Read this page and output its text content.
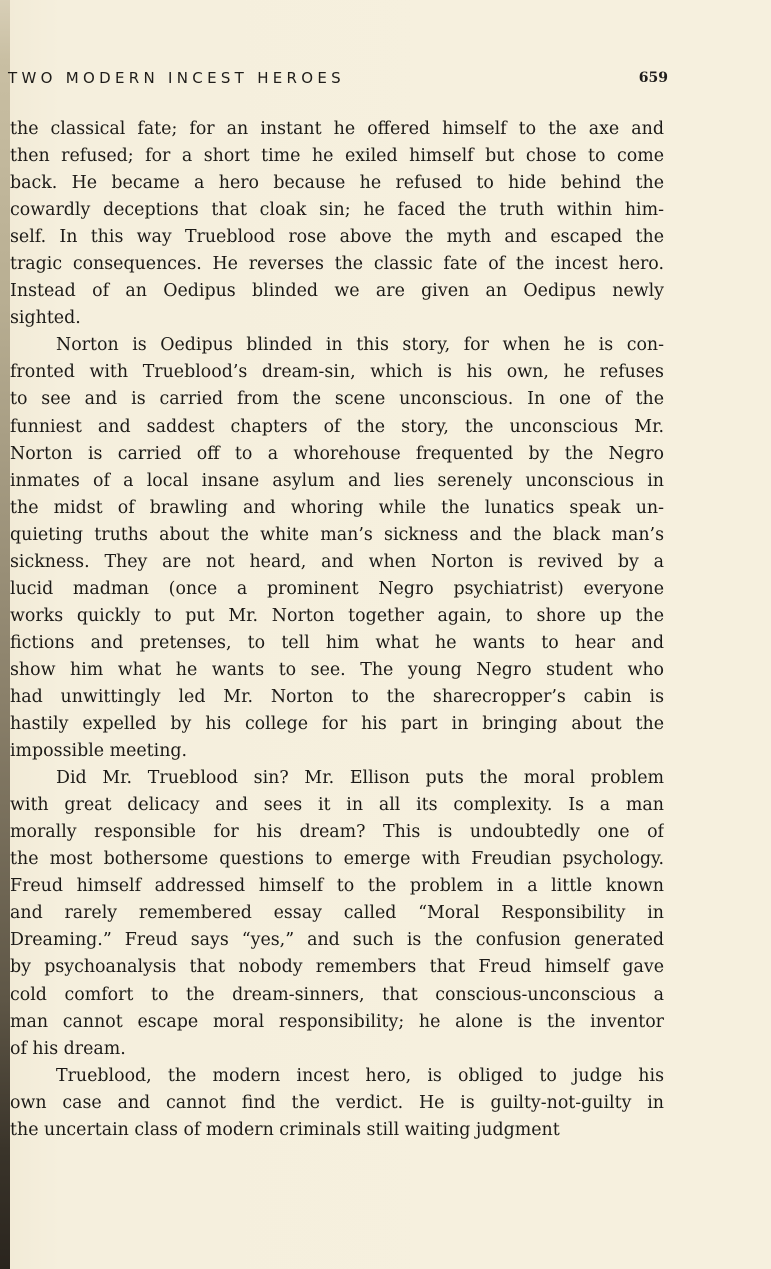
TWO MODERN INCEST HEROES	659
the classical fate; for an instant he offered himself to the axe and
then refused; for a short time he exiled himself but chose to come
back. He became a hero because he refused to hide behind the
cowardly deceptions that cloak sin; he faced the truth within him-
self. In this way Trueblood rose above the myth and escaped the
tragic consequences. He reverses the classic fate of the incest hero.
Instead of an Oedipus blinded we are given an Oedipus newly
sighted.
Norton is Oedipus blinded in this story, for when he is con-
fronted with Trueblood’s dream-sin, which is his own, he refuses
to see and is carried from the scene unconscious. In one of the
funniest and saddest chapters of the story, the unconscious Mr.
Norton is carried off to a whorehouse frequented by the Negro
inmates of a local insane asylum and lies serenely unconscious in
the midst of brawling and whoring while the lunatics speak un-
quieting truths about the white man’s sickness and the black man’s
sickness. They are not heard, and when Norton is revived by a
lucid madman (once a prominent Negro psychiatrist) everyone
works quickly to put Mr. Norton together again, to shore up the
fictions and pretenses, to tell him what he wants to hear and
show him what he wants to see. The young Negro student who
had unwittingly led Mr. Norton to the sharecropper’s cabin is
hastily expelled by his college for his part in bringing about the
impossible meeting.
Did Mr. Trueblood sin? Mr. Ellison puts the moral problem
with great delicacy and sees it in all its complexity. Is a man
morally responsible for his dream? This is undoubtedly one of
the most bothersome questions to emerge with Freudian psychology.
Freud himself addressed himself to the problem in a little known
and rarely remembered essay called “Moral Responsibility in
Dreaming.” Freud says “yes,” and such is the confusion generated
by psychoanalysis that nobody remembers that Freud himself gave
cold comfort to the dream-sinners, that conscious-unconscious a
man cannot escape moral responsibility; he alone is the inventor
of his dream.
Trueblood, the modern incest hero, is obliged to judge his
own case and cannot find the verdict. He is guilty-not-guilty in
the uncertain class of modern criminals still waiting judgment
